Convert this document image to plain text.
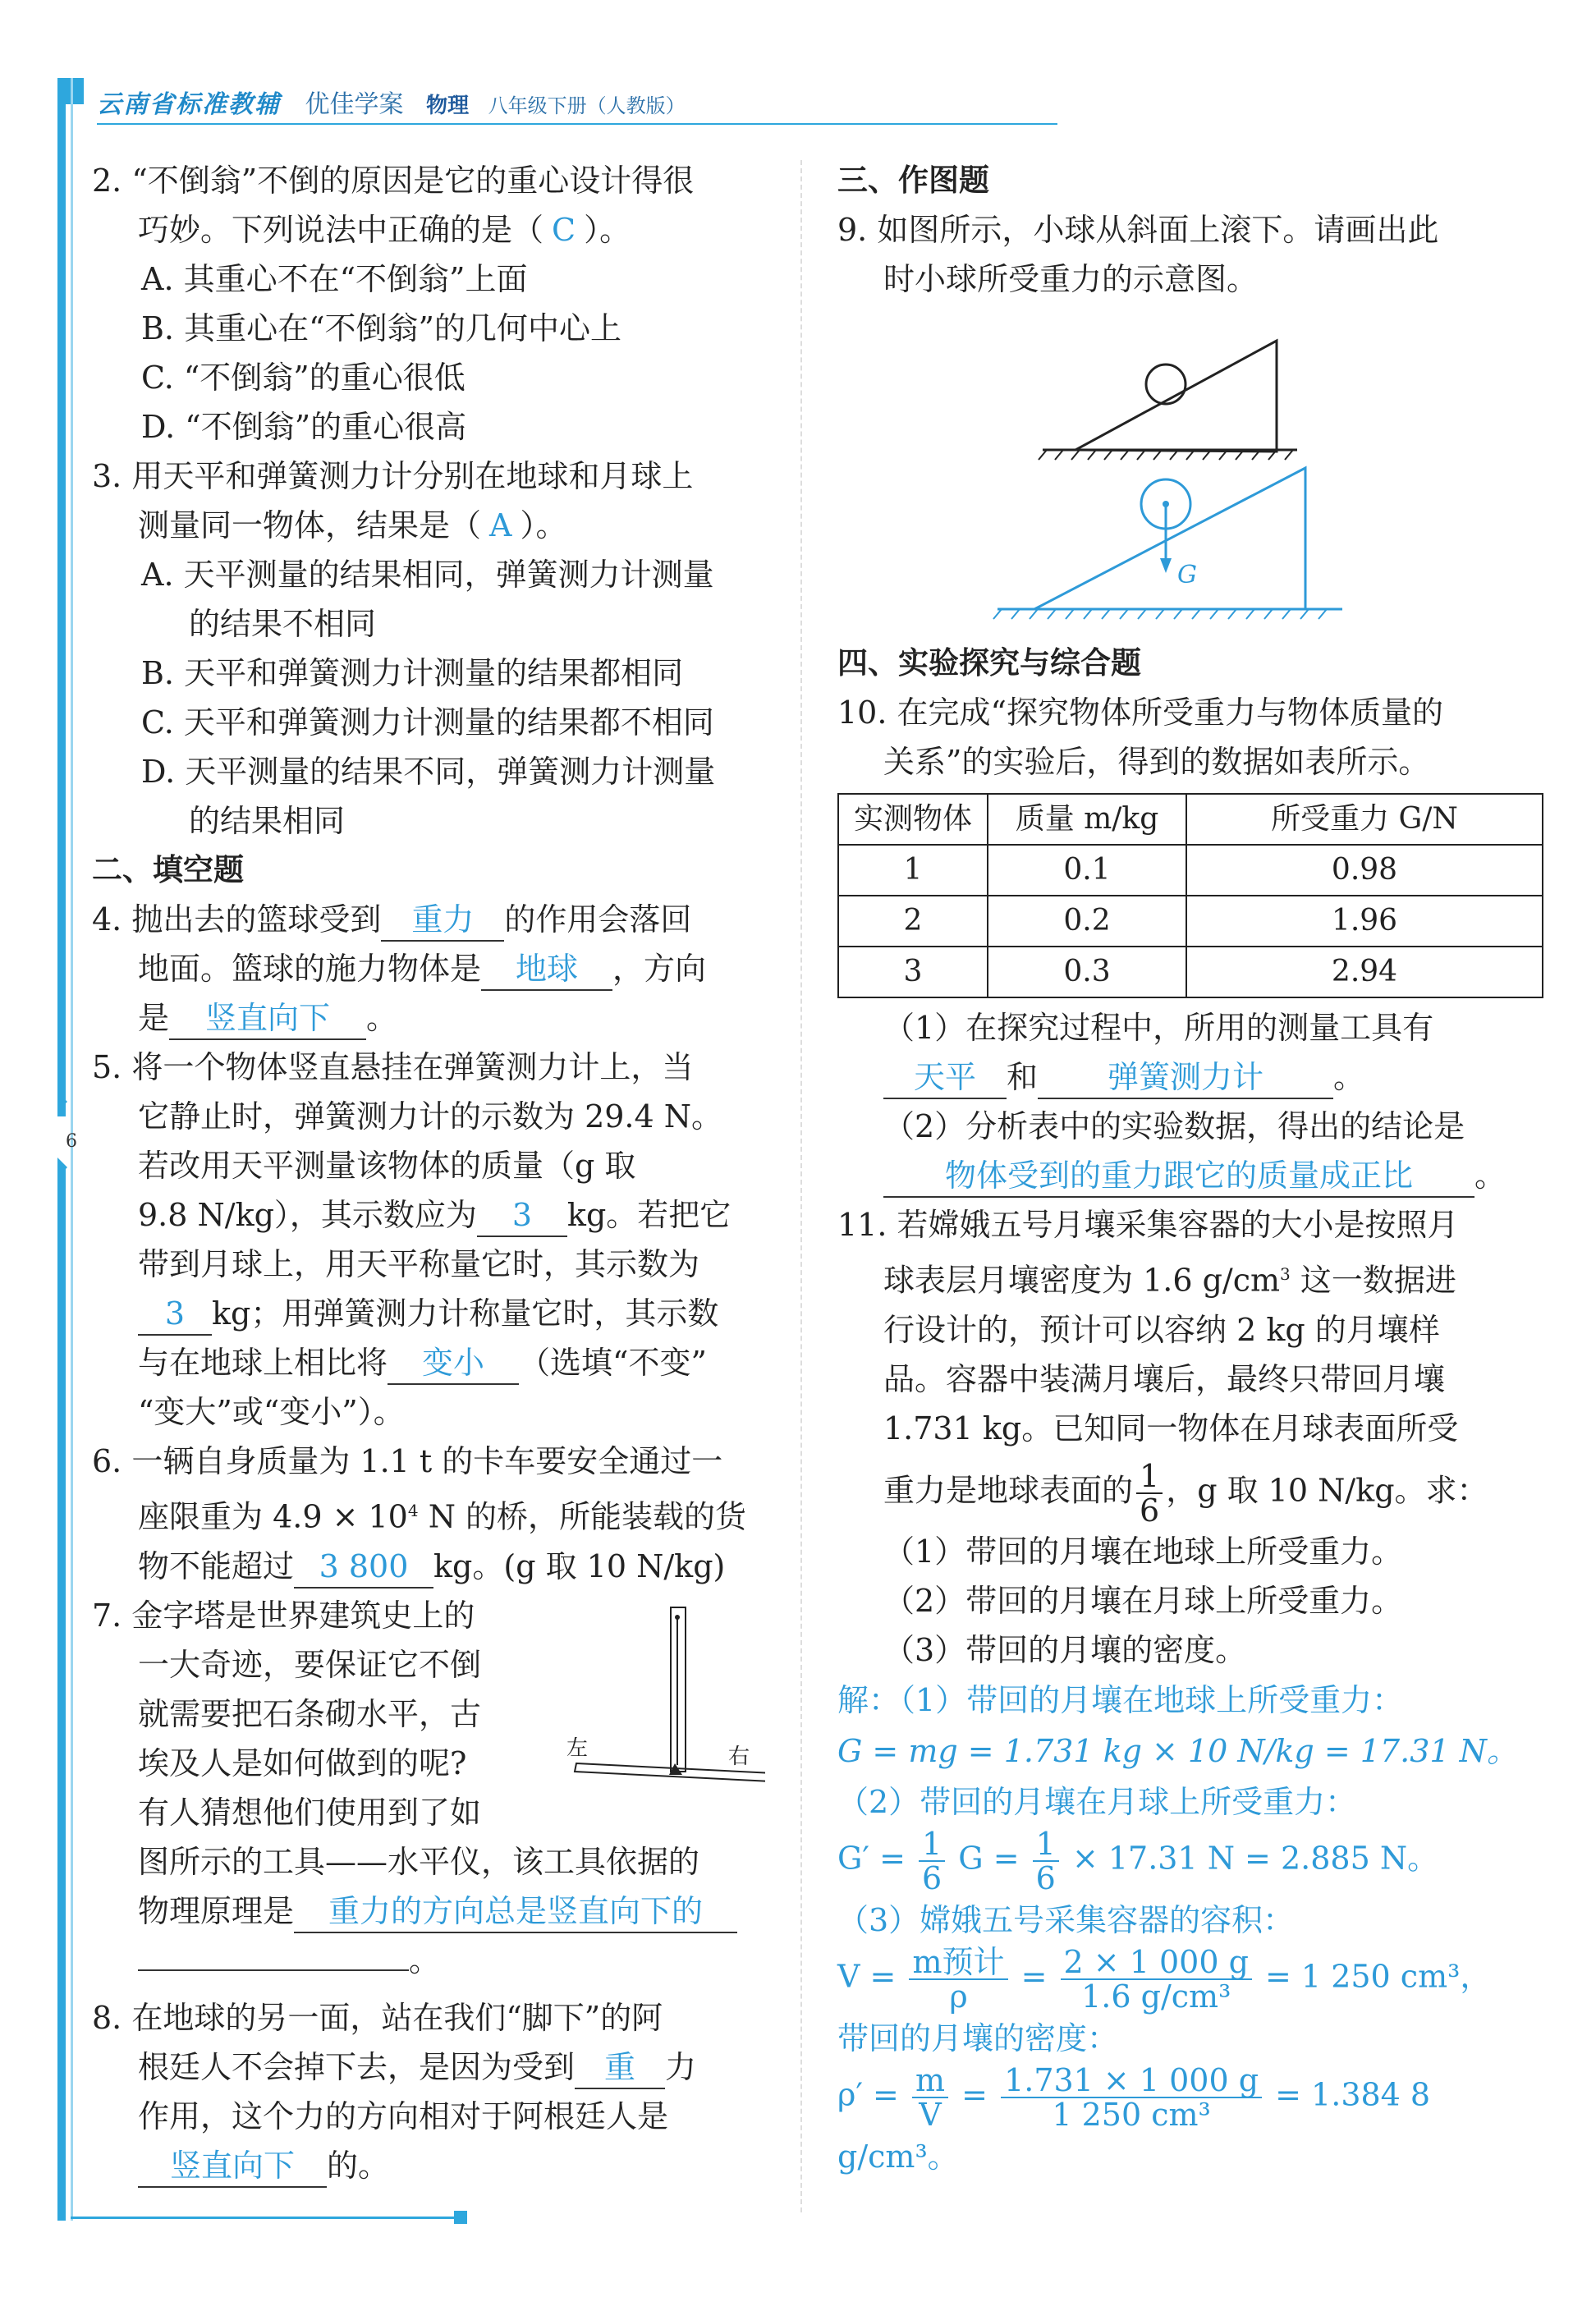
6
云南省标准教辅 优佳学案 物理 八年级下册（人教版）
2. “不倒翁”不倒的原因是它的重心设计得很
巧妙。下列说法中正确的是（ C ）。
A. 其重心不在“不倒翁”上面
B. 其重心在“不倒翁”的几何中心上
C. “不倒翁”的重心很低
D. “不倒翁”的重心很高
3. 用天平和弹簧测力计分别在地球和月球上
测量同一物体，结果是（ A ）。
A. 天平测量的结果相同，弹簧测力计测量
的结果不相同
B. 天平和弹簧测力计测量的结果都相同
C. 天平和弹簧测力计测量的结果都不相同
D. 天平测量的结果不同，弹簧测力计测量
的结果相同
二、填空题
4. 抛出去的篮球受到 重力 的作用会落回
地面。篮球的施力物体是 地球 ，方向
是 竖直向下 。
5. 将一个物体竖直悬挂在弹簧测力计上，当
它静止时，弹簧测力计的示数为 29.4 N。
若改用天平测量该物体的质量（g 取
9.8 N/kg），其示数应为 3 kg。若把它
带到月球上，用天平称量它时，其示数为
3 kg；用弹簧测力计称量它时，其示数
与在地球上相比将 变小 （选填“不变”
“变大”或“变小”）。
6. 一辆自身质量为 1.1 t 的卡车要安全通过一
座限重为 $4.9 \times 10^4$ N 的桥，所能装载的货
物不能超过 3 800 kg。(g 取 10 N/kg)
7. 金字塔是世界建筑史上的
一大奇迹，要保证它不倒
就需要把石条砌水平，古
埃及人是如何做到的呢?
有人猜想他们使用到了如
左	右
图所示的工具——水平仪，该工具依据的
物理原理是 重力的方向总是竖直向下的
。
8. 在地球的另一面，站在我们“脚下”的阿
根廷人不会掉下去，是因为受到 重 力
作用，这个力的方向相对于阿根廷人是
竖直向下 的。
三、作图题
9. 如图所示，小球从斜面上滚下。请画出此
时小球所受重力的示意图。
G
四、实验探究与综合题
10. 在完成“探究物体所受重力与物体质量的
关系”的实验后，得到的数据如表所示。
实测物体	质量 m/kg	所受重力 G/N
1	0.1	0.98
2	0.2	1.96
3	0.3	2.94
（1）在探究过程中，所用的测量工具有
天平 和 弹簧测力计 。
（2）分析表中的实验数据，得出的结论是
物体受到的重力跟它的质量成正比 。
11. 若嫦娥五号月壤采集容器的大小是按照月
球表层月壤密度为 1.6 $g/cm^3$ 这一数据进
行设计的，预计可以容纳 2 kg 的月壤样
品。容器中装满月壤后，最终只带回月壤
1.731 kg。已知同一物体在月球表面所受
重力是地球表面的 $\frac{1}{6}$ ，g 取 10 N/kg。求：
（1）带回的月壤在地球上所受重力。
（2）带回的月壤在月球上所受重力。
（3）带回的月壤的密度。
解：（1）带回的月壤在地球上所受重力：
G = mg = 1.731 kg × 10 N/kg = 17.31 N。
（2）带回的月壤在月球上所受重力：
$G' = \frac{1}{6}$ $G = \frac{1}{6} \times 17.31$ N = 2.885 N。
（3）嫦娥五号采集容器的容积：
$V = \frac{\text{m预计}}{\rho} = \frac{2 \times 1 000 g}{\text{1.6 g/cm³}} = 1$ 250 cm³，
带回的月壤的密度：
$\rho' = \frac{m}{V} = \frac{1.731 \times 1 000 g}{\text{1 250 cm³}} = 1.384$ 8 g/cm³。
